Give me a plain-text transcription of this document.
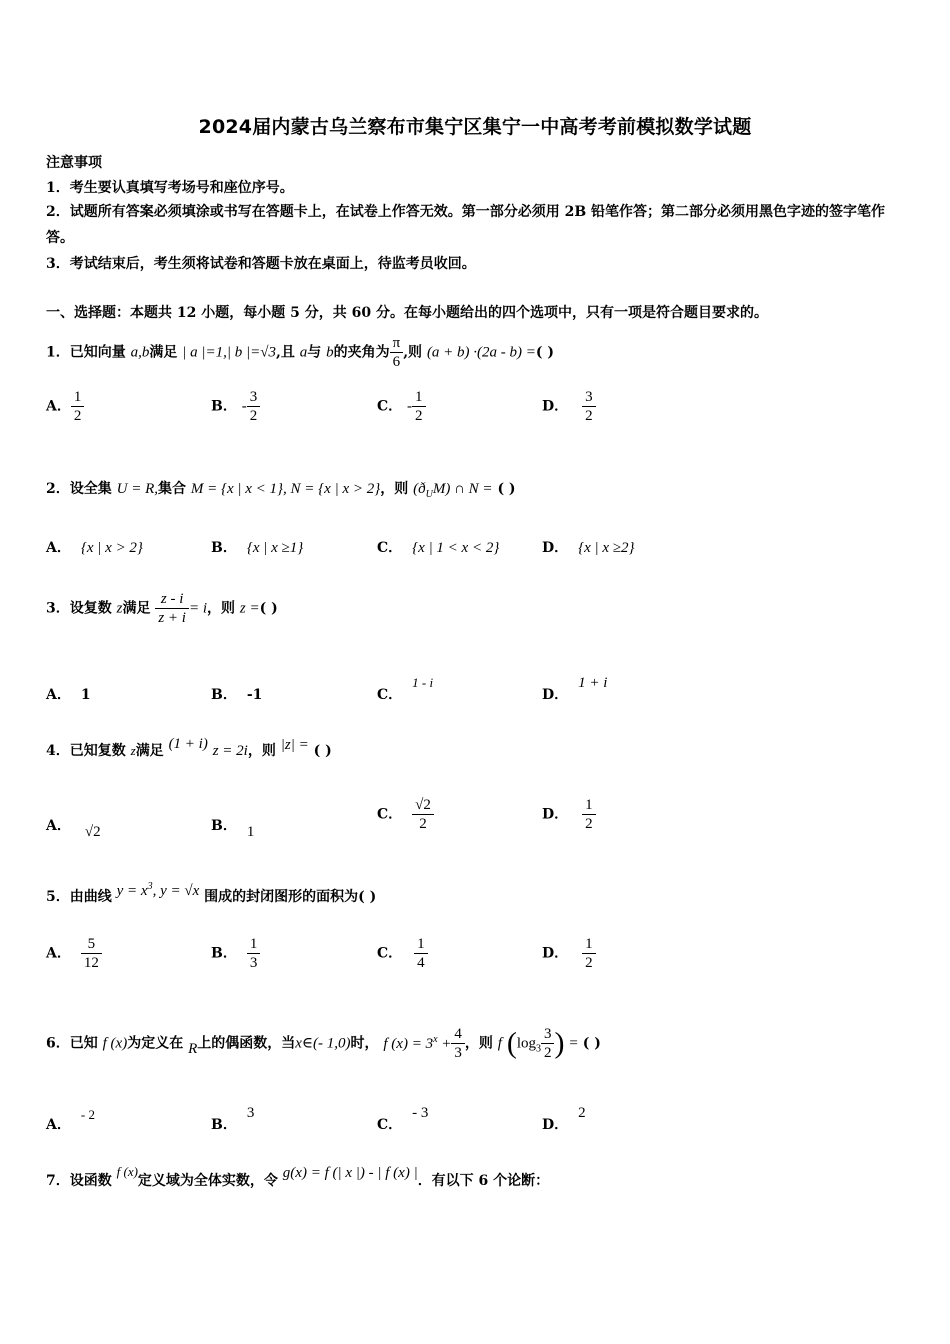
2024届内蒙古乌兰察布市集宁区集宁一中高考考前模拟数学试题
注意事项
1．考生要认真填写考场号和座位序号。
2．试题所有答案必须填涂或书写在答题卡上，在试卷上作答无效。第一部分必须用 2B 铅笔作答；第二部分必须用黑色字迹的签字笔作答。
3．考试结束后，考生须将试卷和答题卡放在桌面上，待监考员收回。
一、选择题：本题共 12 小题，每小题 5 分，共 60 分。在每小题给出的四个选项中，只有一项是符合题目要求的。
1．已知向量 a,b满足 | a |=1,| b |=√3,且 a与 b的夹角为 $\frac{\pi}{6}$ ,则 (a + b) ·(2a - b) =( )
A． $\frac{1}{2}$	B． - $\frac{3}{2}$	C． - $\frac{1}{2}$	D． $\frac{3}{2}$
2．设全集 U = R,集合 M = {x | x < 1}, N = {x | x > 2}，则 $(ð_UM)$ ∩ N = ( )
A． {x | x > 2}	B． {x | x ≥1}	C． {x | 1 < x < 2}	D． {x | x ≥2}
3．设复数 z满足 $\frac{z - i}{z + i} = i$，则 z =( )
A． 1	B． -1	C．1 - i
D．1 + i
4．已知复数 z满足 (1 + i) z = 2i，则 |z| = ( )
A． √2	B． 1
C． $\frac{√2}{2}$	D． $\frac{1}{2}$
5．由曲线 $y = x^3$, y = √x 围成的封闭图形的面积为( )
A． $\frac{5}{12}$	B． $\frac{1}{3}$	C． $\frac{1}{4}$	D． $\frac{1}{2}$
6．已知 f (x)为定义在 R上的偶函数，当x∈(- 1,0)时， f $(x) = 3^x + \frac{4}{3}$ ，则 f ($\log_3 \frac{3}{2}$ ) = ( )
A．- 2
B．3
C．- 3
D．2
7．设函数 f (x)定义域为全体实数，令 g(x) = f (| x |) - | f (x) |．有以下 6 个论断：
